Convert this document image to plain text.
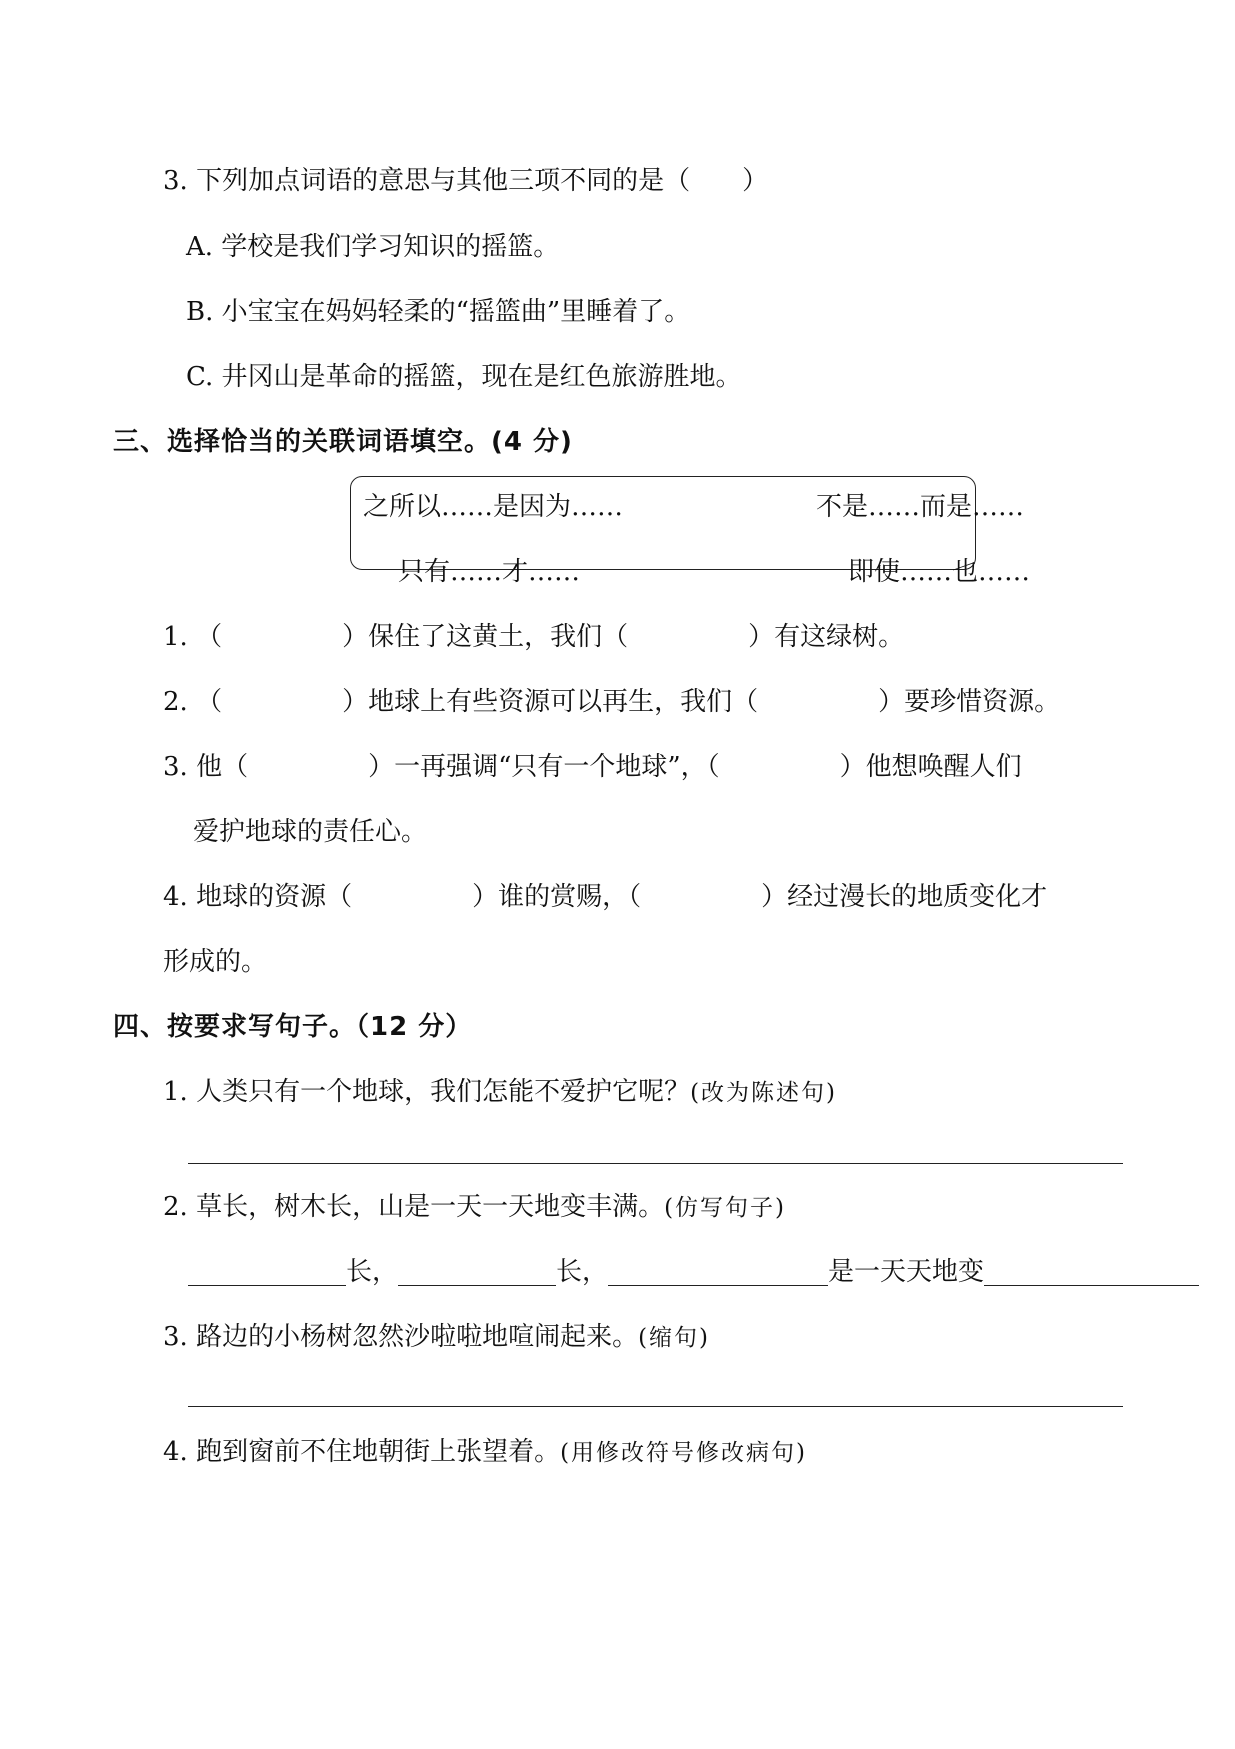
3. 下列加点词语的意思与其他三项不同的是（　　）
A. 学校是我们学习知识的摇篮。
B. 小宝宝在妈妈轻柔的“摇篮曲”里睡着了。
C. 井冈山是革命的摇篮，现在是红色旅游胜地。
三、选择恰当的关联词语填空。(4 分)
之所以……是因为……	不是……而是……
只有……才……	即使……也……
1. （	）保住了这黄土，我们（	）有这绿树。
2. （	）地球上有些资源可以再生，我们（	）要珍惜资源。
3. 他（	）一再强调“只有一个地球”，（	）他想唤醒人们
爱护地球的责任心。
4. 地球的资源（	）谁的赏赐，（	）经过漫长的地质变化才
形成的。
四、按要求写句子。（12 分）
1. 人类只有一个地球，我们怎能不爱护它呢？(改为陈述句)
2. 草长，树木长，山是一天一天地变丰满。(仿写句子)
长，	长，	是一天天地变
3. 路边的小杨树忽然沙啦啦地喧闹起来。(缩句)
4. 跑到窗前不住地朝街上张望着。(用修改符号修改病句)
